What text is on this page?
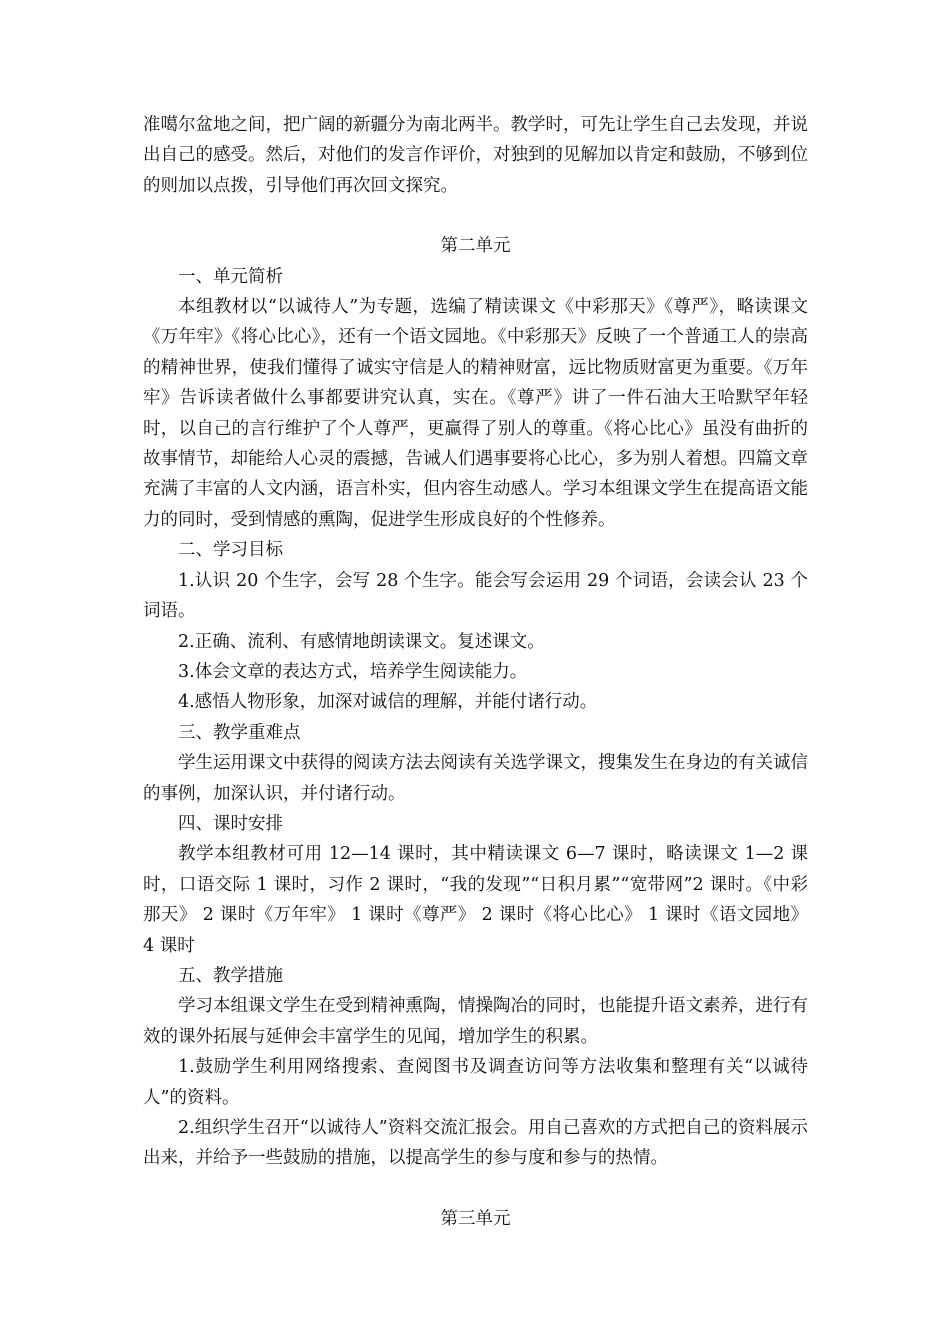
准噶尔盆地之间，把广阔的新疆分为南北两半。教学时，可先让学生自己去发现，并说出自己的感受。然后，对他们的发言作评价，对独到的见解加以肯定和鼓励，不够到位的则加以点拨，引导他们再次回文探究。

第二单元

一、单元简析

本组教材以“以诚待人”为专题，选编了精读课文《中彩那天》《尊严》，略读课文《万年牢》《将心比心》，还有一个语文园地。《中彩那天》反映了一个普通工人的崇高的精神世界，使我们懂得了诚实守信是人的精神财富，远比物质财富更为重要。《万年牢》告诉读者做什么事都要讲究认真，实在。《尊严》讲了一件石油大王哈默罕年轻时，以自己的言行维护了个人尊严，更赢得了别人的尊重。《将心比心》虽没有曲折的故事情节，却能给人心灵的震撼，告诫人们遇事要将心比心，多为别人着想。四篇文章充满了丰富的人文内涵，语言朴实，但内容生动感人。学习本组课文学生在提高语文能力的同时，受到情感的熏陶，促进学生形成良好的个性修养。

二、学习目标

1.认识 20 个生字，会写 28 个生字。能会写会运用 29 个词语，会读会认 23 个词语。

2.正确、流利、有感情地朗读课文。复述课文。

3.体会文章的表达方式，培养学生阅读能力。

4.感悟人物形象，加深对诚信的理解，并能付诸行动。

三、教学重难点

学生运用课文中获得的阅读方法去阅读有关选学课文，搜集发生在身边的有关诚信的事例，加深认识，并付诸行动。

四、课时安排

教学本组教材可用 12—14 课时，其中精读课文 6—7 课时，略读课文 1—2 课时，口语交际 1 课时，习作 2 课时，“我的发现”“日积月累”“宽带网”2 课时。《中彩那天》 2 课时《万年牢》 1 课时《尊严》 2 课时《将心比心》 1 课时《语文园地》 4 课时

五、教学措施

学习本组课文学生在受到精神熏陶，情操陶冶的同时，也能提升语文素养，进行有效的课外拓展与延伸会丰富学生的见闻，增加学生的积累。

1.鼓励学生利用网络搜索、查阅图书及调查访问等方法收集和整理有关“以诚待人”的资料。

2.组织学生召开“以诚待人”资料交流汇报会。用自己喜欢的方式把自己的资料展示出来，并给予一些鼓励的措施，以提高学生的参与度和参与的热情。

第三单元
